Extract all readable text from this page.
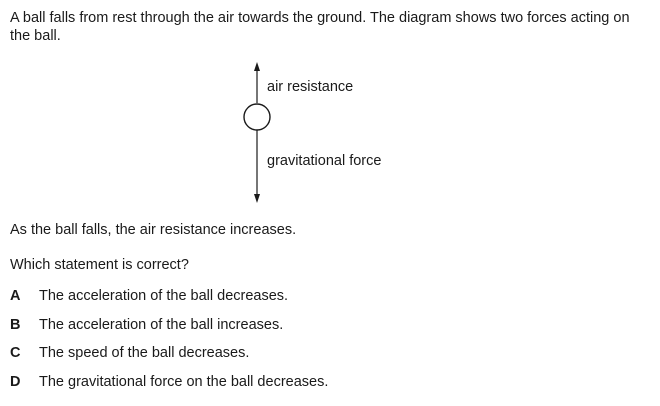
A ball falls from rest through the air towards the ground. The diagram shows two forces acting on the ball.

air resistance
gravitational force

As the ball falls, the air resistance increases.

Which statement is correct?

A The acceleration of the ball decreases.
B The acceleration of the ball increases.
C The speed of the ball decreases.
D The gravitational force on the ball decreases.
